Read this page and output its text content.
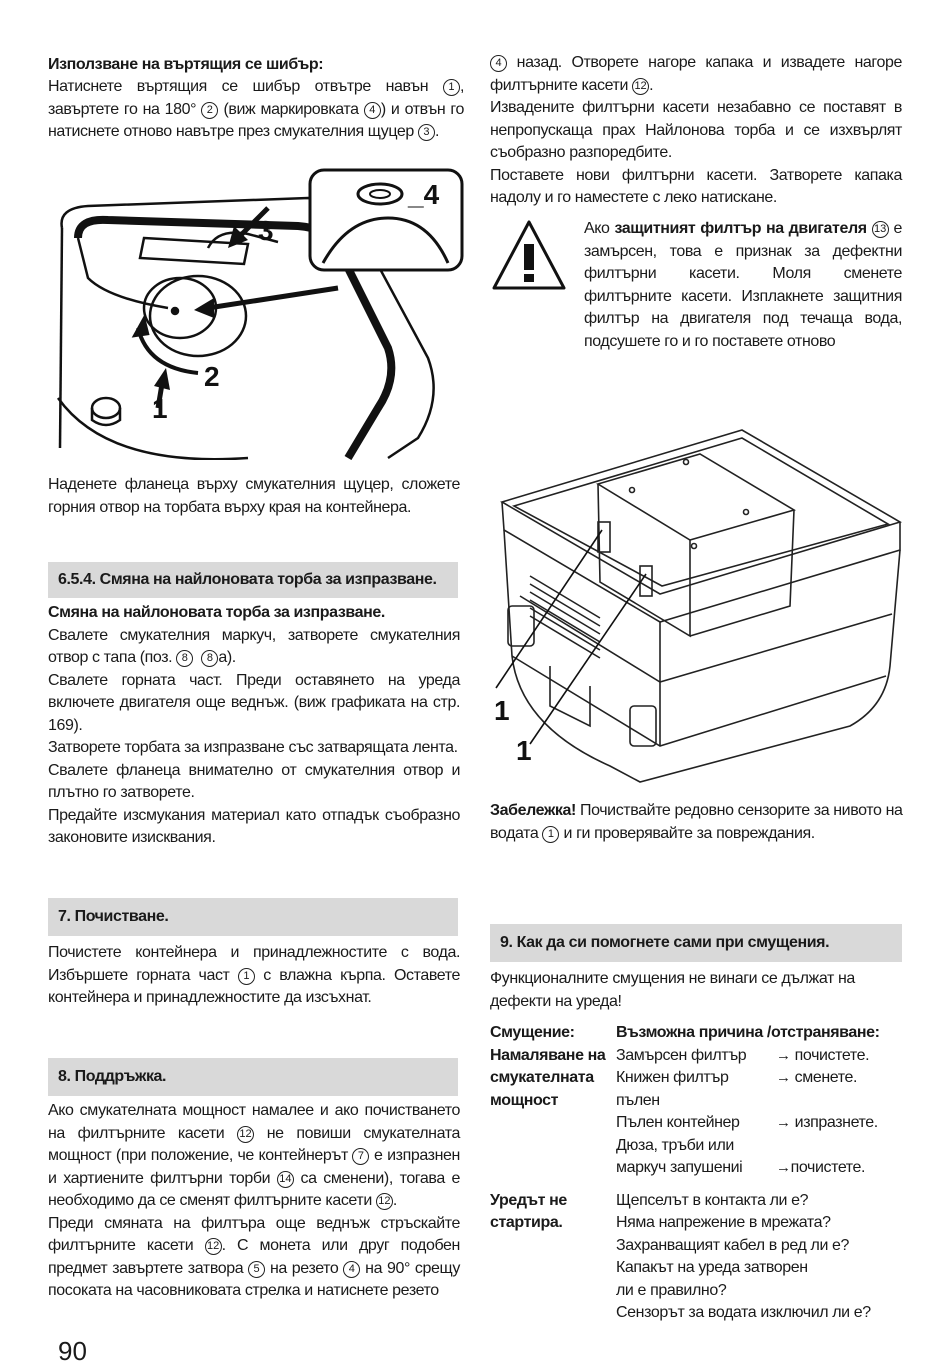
Използване на въртящия се шибър:
Натиснете въртящия се шибър отвътре навън 1 , завъртете го на 180° 2 (виж маркировката 4 ) и отвън го натиснете отново навътре през смукателния щуцер 3 .
3
2
1
_4
Наденете фланеца върху смукателния щуцер, сложете горния отвор на торбата върху края на контейнера.
6.5.4. Смяна на найлоновата торба за изпразване.
Смяна на найлоновата торба за изпразване.
Свалете смукателния маркуч, затворете смукателния отвор с тапа (поз. 8 8 а).
Свалете горната част. Преди оставянето на уреда включете двигателя още веднъж. (виж графиката на стр. 169).
Затворете торбата за изпразване със затварящата лента.
Свалете фланеца внимателно от смукателния отвор и плътно го затворете.
Предайте изсмукания материал като отпадък съобразно законовите изисквания.
7. Почистване.
Почистете контейнера и принадлежностите с вода. Избършете горната част 1 с влажна кърпа. Оставете контейнера и принадлежностите да изсъхнат.
8. Поддръжка.
Ако смукателната мощност намалее и ако почистването на филтърните касети 12 не повиши смукателната мощност (при положение, че контейнерът 7 е изпразнен и хартиените филтърни торби 14 са сменени), тогава е необходимо да се сменят филтърните касети 12 .
Преди смяната на филтъра още веднъж стръскайте филтърните касети 12 . С монета или друг подобен предмет завъртете затвора 5 на резето 4 на 90° срещу посоката на часовниковата стрелка и натиснете резето
90
4 назад. Отворете нагоре капака и извадете нагоре филтърните касети 12 .
Извадените филтърни касети незабавно се поставят в непропускаща прах Найлонова торба и се изхвърлят съобразно разпоредбите.
Поставете нови филтърни касети. Затворете капака надолу и го наместете с леко натискане.
Ако защитният филтър на двигателя 13 е замърсен, това е признак за дефектни филтърни касети. Моля сменете филтърните касети. Изплакнете защитния филтър на двигателя под течаща вода, подсушете го и го поставете отново
1
1
Забележка! Почиствайте редовно сензорите за нивото на водата 1 и ги проверявайте за повреждания.
9. Как да си помогнете сами при смущения.
Функционалните смущения не винаги се дължат на дефекти на уреда!
Смущение:	Възможна причина /отстраняване:	
Намаляване на смукателната мощност	Замърсен филтър	→ почистете.
	Книжен филтър пълен	→ сменете.
	Пълен контейнер	→ изпразнете.
	Дюза, тръби или	
	маркуч запушениі	→почистете.

Уредът не стартира.	Щепселът в контакта ли е?	
	Няма напрежение в мрежата?	
	Захранващият кабел в ред ли е?	
	Капакът на уреда затворен	
	ли е правилно?	
	Сензорът за водата изключил ли е?	
